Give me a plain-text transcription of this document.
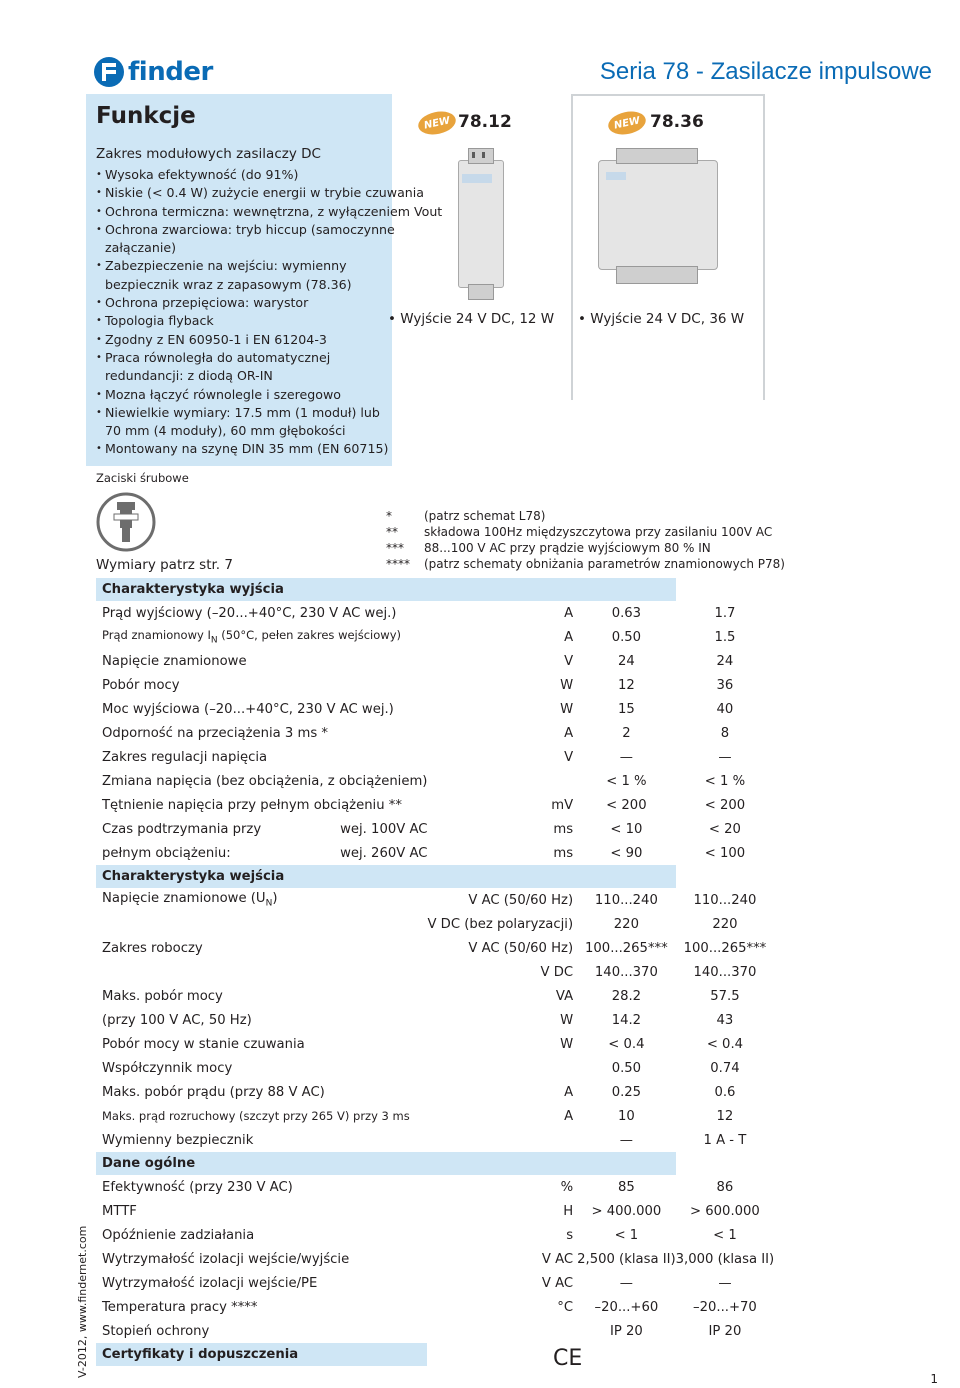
finder	Seria 78 - Zasilacze impulsowe
Funkcje
Zakres modułowych zasilaczy DC
• Wysoka efektywność (do 91%)
• Niskie (< 0.4 W) zużycie energii w trybie czuwania
• Ochrona termiczna: wewnętrzna, z wyłączeniem Vout
• Ochrona zwarciowa: tryb hiccup (samoczynne
załączanie)
• Zabezpieczenie na wejściu: wymienny
bezpiecznik wraz z zapasowym (78.36)
• Ochrona przepięciowa: warystor
• Topologia flyback
• Zgodny z EN 60950-1 i EN 61204-3
• Praca równoległa do automatycznej
redundancji: z diodą OR-IN
• Mozna łączyć równolegle i szeregowo
• Niewielkie wymiary: 17.5 mm (1 moduł) lub
70 mm (4 moduły), 60 mm głębokości
• Montowany na szynę DIN 35 mm (EN 60715)
NEW 78.12
• Wyjście 24 V DC, 12 W
NEW 78.36
• Wyjście 24 V DC, 36 W
Zaciski śrubowe
Wymiary patrz str. 7
*	(patrz schemat L78)
**	składowa 100Hz międzyszczytowa przy zasilaniu 100V AC
***	88...100 V AC przy prądzie wyjściowym 80 % IN
****	(patrz schematy obniżania parametrów znamionowych P78)
Charakterystyka wyjścia			
Prąd wyjściowy (–20...+40°C, 230 V AC wej.)	A	0.63	1.7
Prąd znamionowy $I_N$ (50°C, pełen zakres wejściowy)	A	0.50	1.5
Napięcie znamionowe	V	24	24
Pobór mocy	W	12	36
Moc wyjściowa (–20...+40°C, 230 V AC wej.)	W	15	40
Odporność na przeciążenia 3 ms *	A	2	8
Zakres regulacji napięcia	V	—	—
Zmiana napięcia (bez obciążenia, z obciążeniem)		< 1 %	< 1 %
Tętnienie napięcia przy pełnym obciążeniu **	mV	< 200	< 200
Czas podtrzymania przy wej. 100V AC	ms	< 10	< 20
pełnym obciążeniu: wej. 260V AC	ms	< 90	< 100
Charakterystyka wejścia			
Napięcie znamionowe $(U_N)$	V AC (50/60 Hz)	110...240	110...240
	V DC (bez polaryzacji)	220	220
Zakres roboczy	V AC (50/60 Hz)	100...265***	100...265***
	V DC	140...370	140...370
Maks. pobór mocy	VA	28.2	57.5
(przy 100 V AC, 50 Hz)	W	14.2	43
Pobór mocy w stanie czuwania	W	< 0.4	< 0.4
Współczynnik mocy		0.50	0.74
Maks. pobór prądu (przy 88 V AC)	A	0.25	0.6
Maks. prąd rozruchowy (szczyt przy 265 V) przy 3 ms	A	10	12
Wymienny bezpiecznik		—	1 A - T
Dane ogólne			
Efektywność (przy 230 V AC)	%	85	86
MTTF	H	> 400.000	> 600.000
Opóźnienie zadziałania	s	< 1	< 1
Wytrzymałość izolacji wejście/wyjście	V AC	2,500 (klasa II)	3,000 (klasa II)
Wytrzymałość izolacji wejście/PE	V AC	—	—
Temperatura pracy ****	°C	–20...+60	–20...+70
Stopień ochrony		IP 20	IP 20
Certyfikaty i dopuszczenia				CE
V-2012, www.findernet.com
1
